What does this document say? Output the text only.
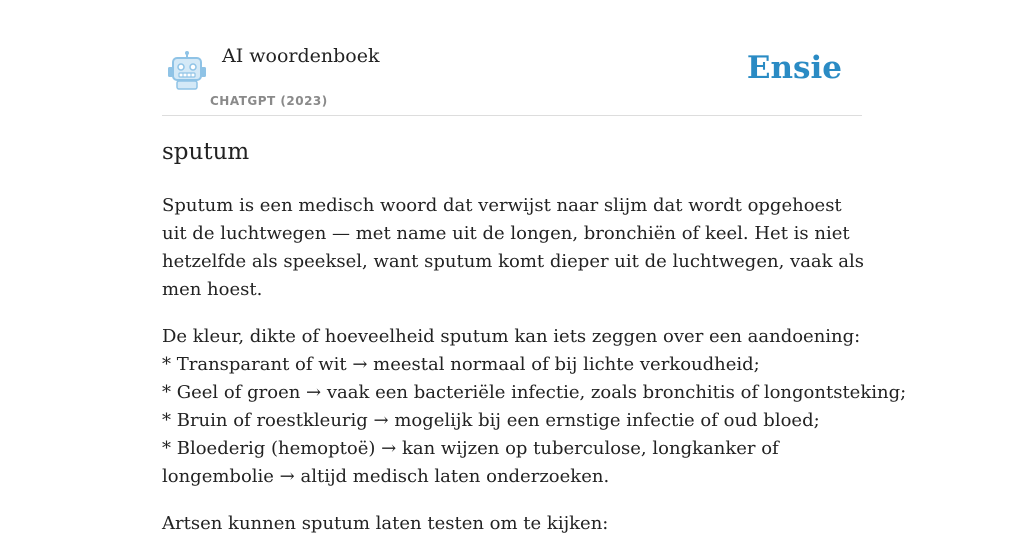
AI woordenboek
CHATGPT (2023)
Ensie
sputum

Sputum is een medisch woord dat verwijst naar slijm dat wordt opgehoest uit de luchtwegen — met name uit de longen, bronchiën of keel. Het is niet hetzelfde als speeksel, want sputum komt dieper uit de luchtwegen, vaak als men hoest.

De kleur, dikte of hoeveelheid sputum kan iets zeggen over een aandoening:
* Transparant of wit → meestal normaal of bij lichte verkoudheid;
* Geel of groen → vaak een bacteriële infectie, zoals bronchitis of longontsteking;
* Bruin of roestkleurig → mogelijk bij een ernstige infectie of oud bloed;
* Bloederig (hemoptoë) → kan wijzen op tuberculose, longkanker of longembolie → altijd medisch laten onderzoeken.

Artsen kunnen sputum laten testen om te kijken:
